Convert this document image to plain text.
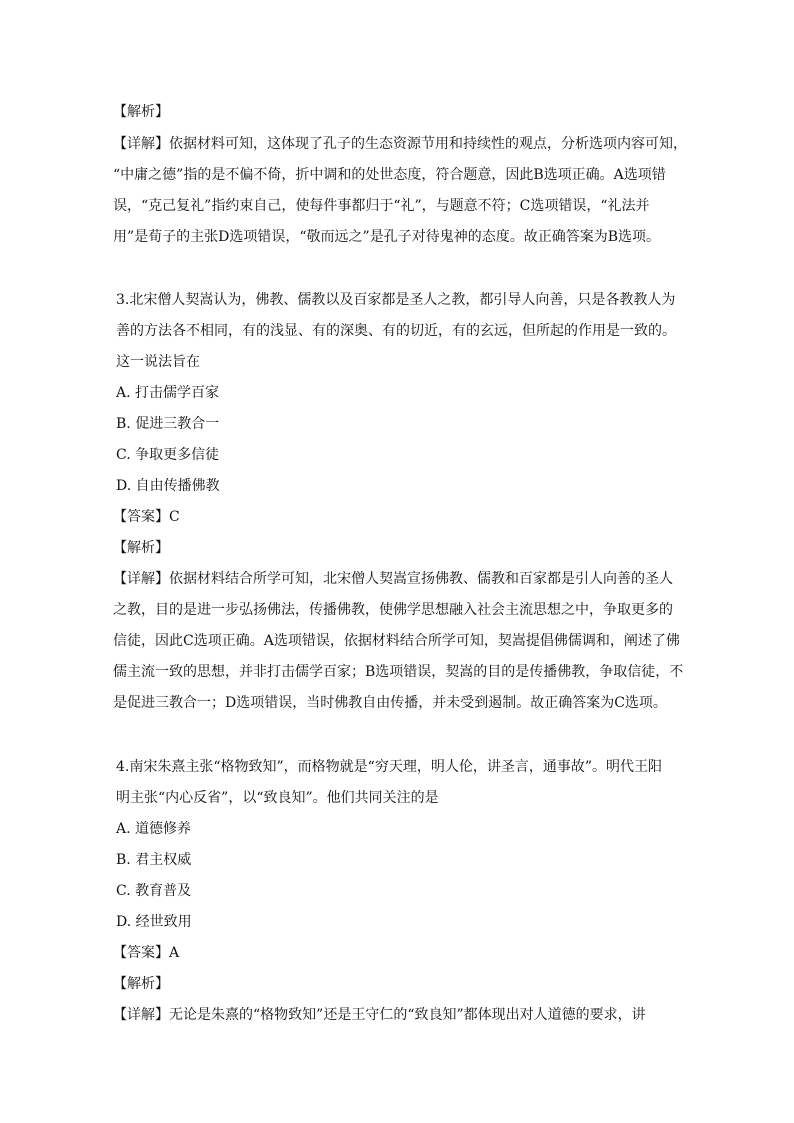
【解析】
【详解】依据材料可知，这体现了孔子的生态资源节用和持续性的观点，分析选项内容可知，
“中庸之德”指的是不偏不倚，折中调和的处世态度，符合题意，因此B选项正确。A选项错
误，“克己复礼”指约束自己，使每件事都归于“礼”，与题意不符；C选项错误，“礼法并
用”是荀子的主张D选项错误，“敬而远之”是孔子对待鬼神的态度。故正确答案为B选项。
3.北宋僧人契嵩认为，佛教、儒教以及百家都是圣人之教，都引导人向善，只是各教教人为
善的方法各不相同，有的浅显、有的深奥、有的切近，有的玄远，但所起的作用是一致的。
这一说法旨在
A. 打击儒学百家
B. 促进三教合一
C. 争取更多信徒
D. 自由传播佛教
【答案】C
【解析】
【详解】依据材料结合所学可知，北宋僧人契嵩宣扬佛教、儒教和百家都是引人向善的圣人
之教，目的是进一步弘扬佛法，传播佛教，使佛学思想融入社会主流思想之中，争取更多的
信徒，因此C选项正确。A选项错误，依据材料结合所学可知，契嵩提倡佛儒调和，阐述了佛
儒主流一致的思想，并非打击儒学百家；B选项错误，契嵩的目的是传播佛教，争取信徒，不
是促进三教合一；D选项错误，当时佛教自由传播，并未受到遏制。故正确答案为C选项。
4.南宋朱熹主张“格物致知”，而格物就是“穷天理，明人伦，讲圣言，通事故”。明代王阳
明主张“内心反省”，以“致良知”。他们共同关注的是
A. 道德修养
B. 君主权威
C. 教育普及
D. 经世致用
【答案】A
【解析】
【详解】无论是朱熹的“格物致知”还是王守仁的“致良知”都体现出对人道德的要求，讲
